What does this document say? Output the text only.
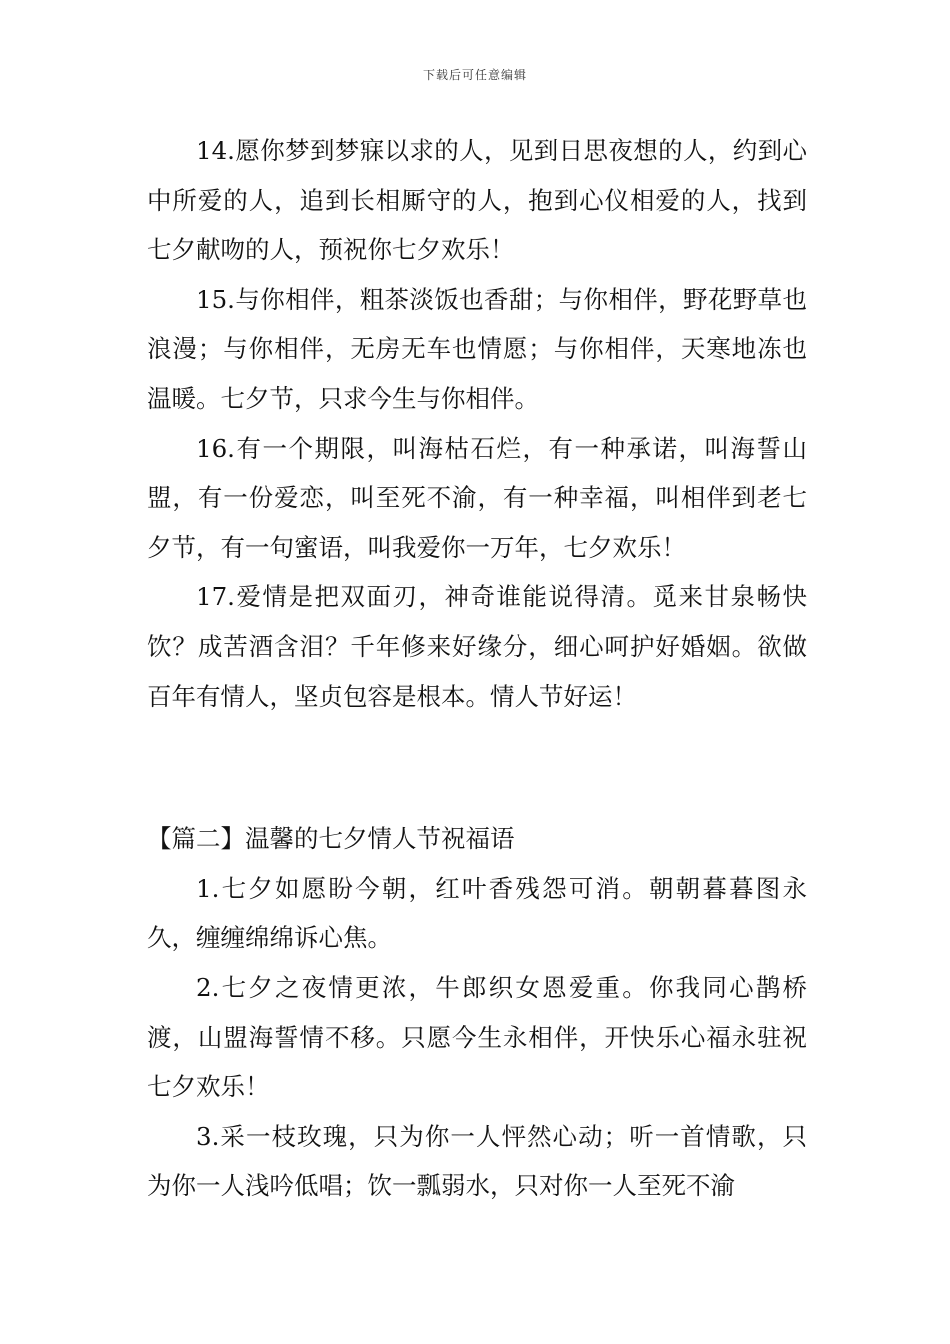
下载后可任意编辑

14.愿你梦到梦寐以求的人，见到日思夜想的人，约到心中所爱的人，追到长相厮守的人，抱到心仪相爱的人，找到七夕献吻的人，预祝你七夕欢乐！

15.与你相伴，粗茶淡饭也香甜；与你相伴，野花野草也浪漫；与你相伴，无房无车也情愿；与你相伴，天寒地冻也温暖。七夕节，只求今生与你相伴。

16.有一个期限，叫海枯石烂，有一种承诺，叫海誓山盟，有一份爱恋，叫至死不渝，有一种幸福，叫相伴到老七夕节，有一句蜜语，叫我爱你一万年，七夕欢乐！

17.爱情是把双面刃，神奇谁能说得清。觅来甘泉畅快饮？成苦酒含泪？千年修来好缘分，细心呵护好婚姻。欲做百年有情人，坚贞包容是根本。情人节好运！

【篇二】温馨的七夕情人节祝福语

1.七夕如愿盼今朝，红叶香残怨可消。朝朝暮暮图永久，缠缠绵绵诉心焦。

2.七夕之夜情更浓，牛郎织女恩爱重。你我同心鹊桥渡，山盟海誓情不移。只愿今生永相伴，开快乐心福永驻祝七夕欢乐！

3.采一枝玫瑰，只为你一人怦然心动；听一首情歌，只为你一人浅吟低唱；饮一瓢弱水，只对你一人至死不渝
